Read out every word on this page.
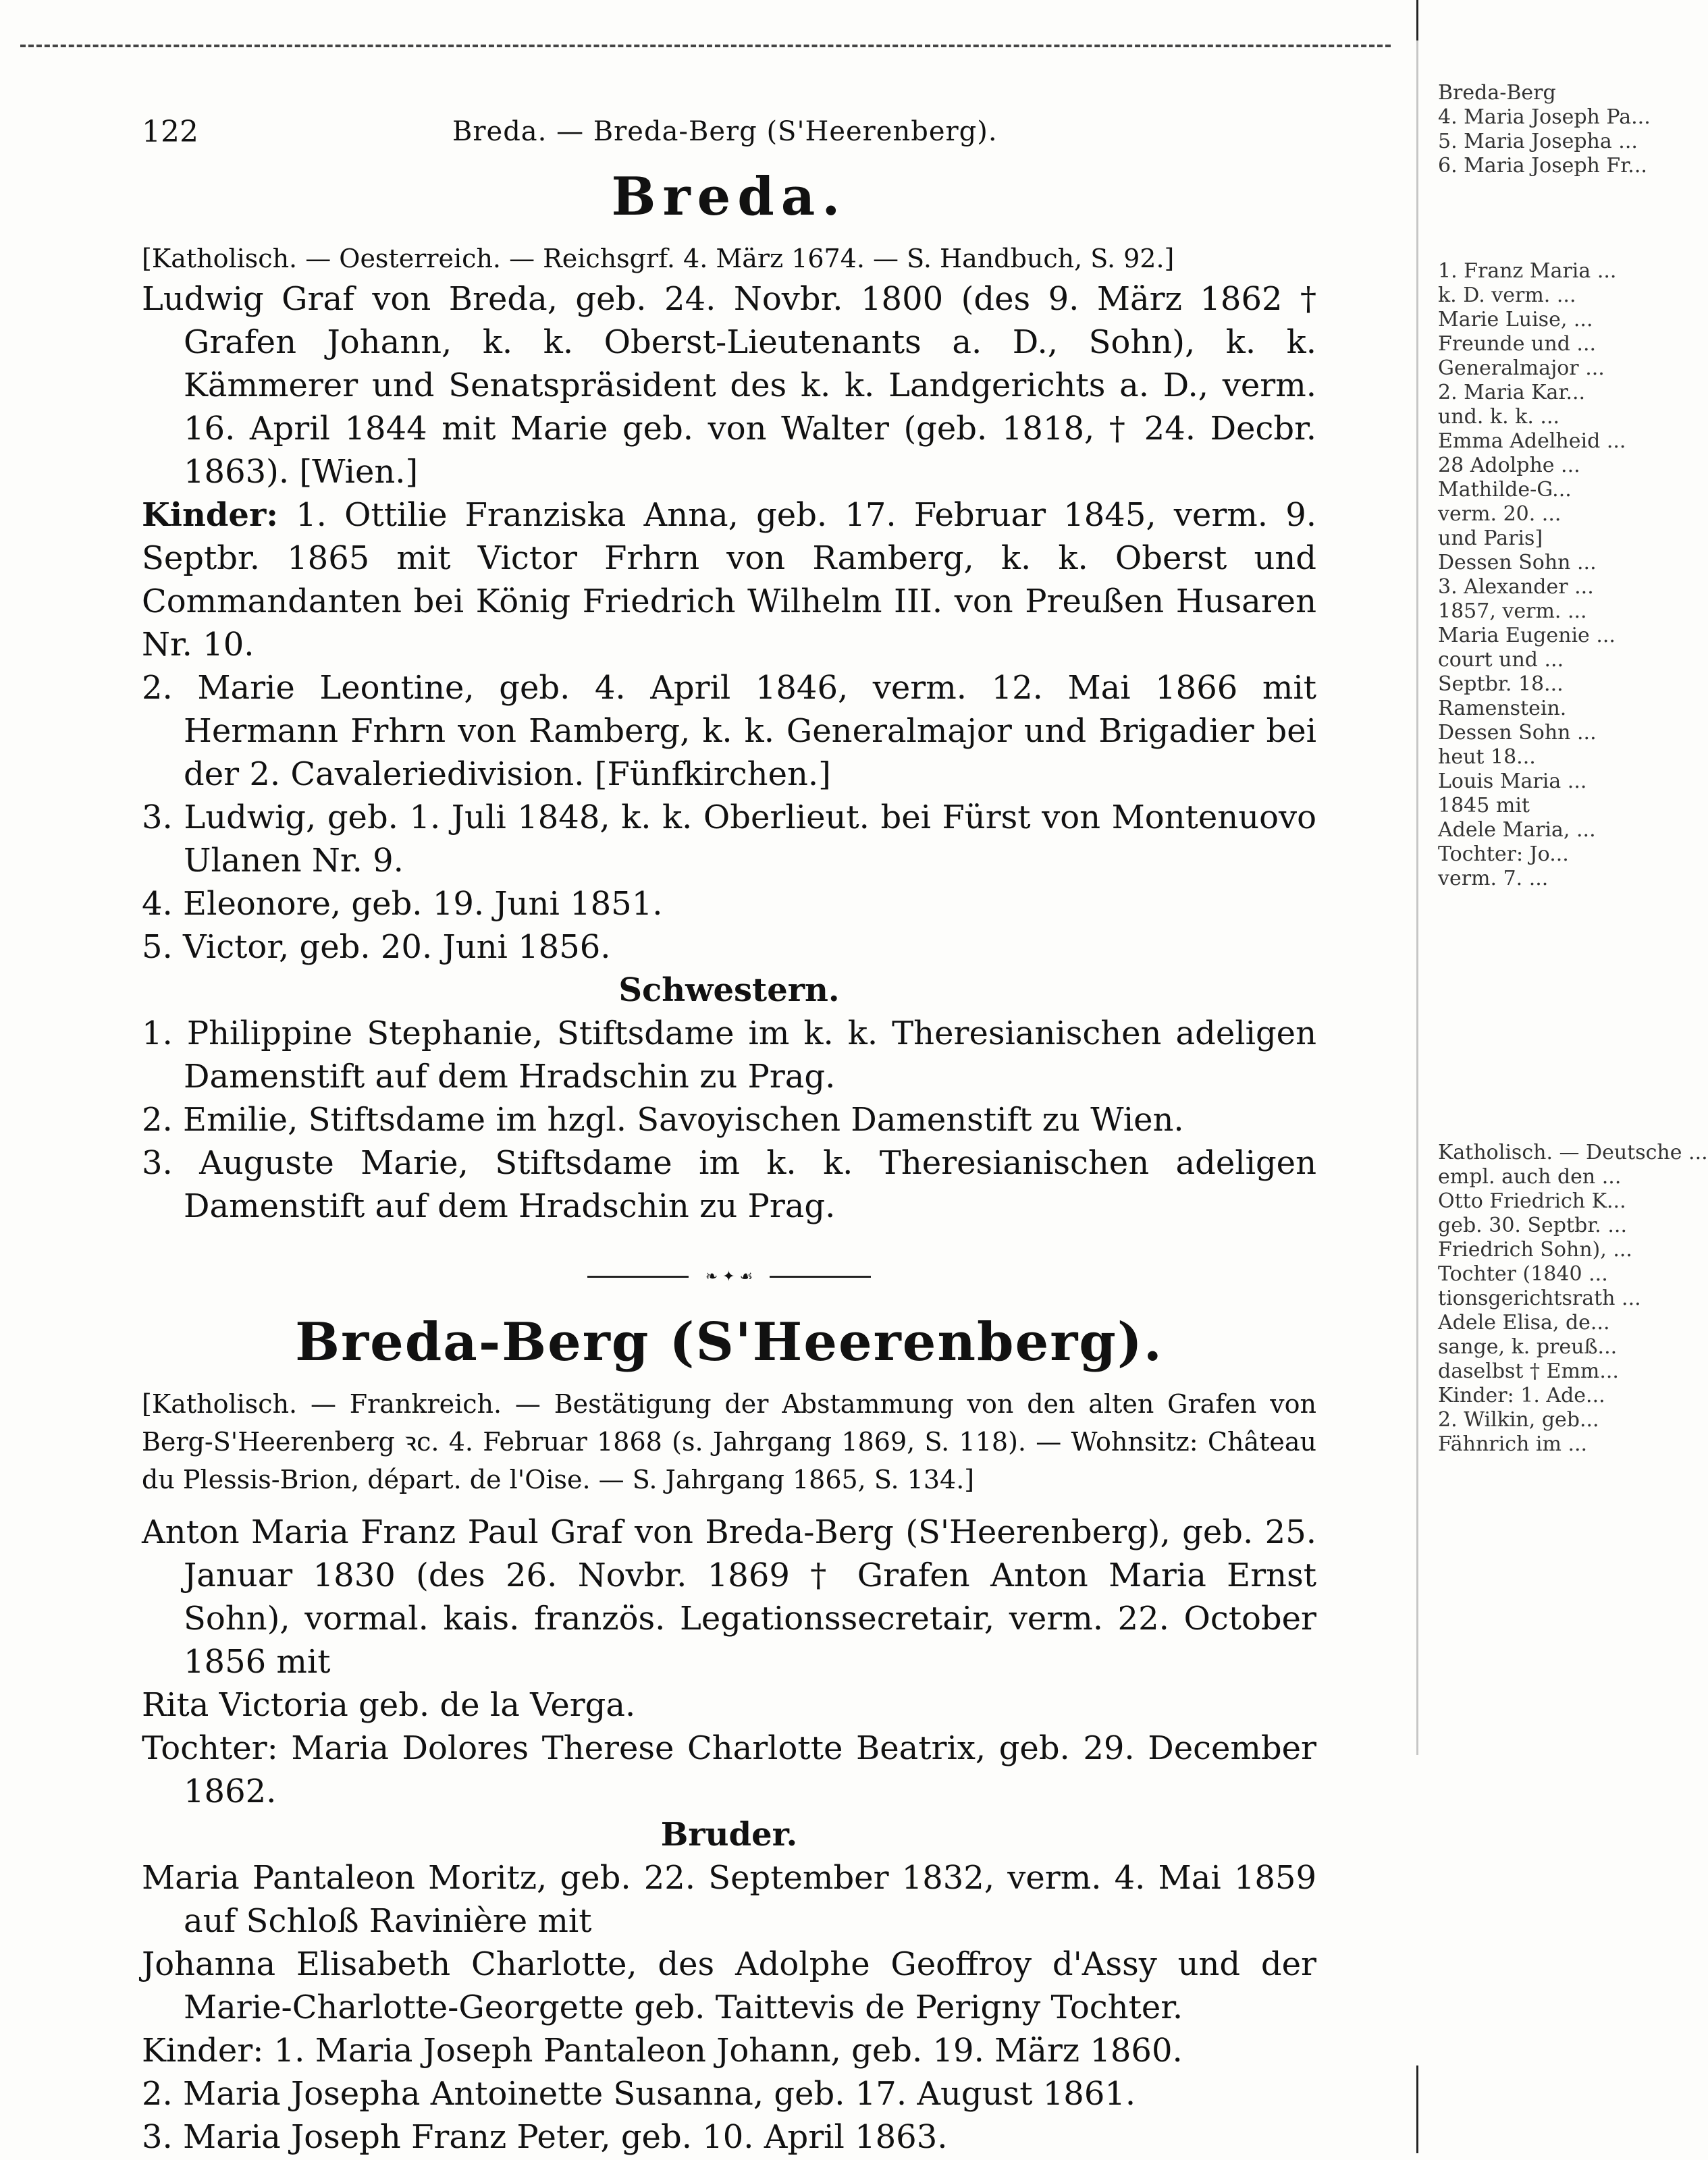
122	Breda. — Breda-Berg (S'Heerenberg).
Breda.
[Katholisch. — Oesterreich. — Reichsgrf. 4. März 1674. — S. Handbuch, S. 92.]

Ludwig Graf von Breda, geb. 24. Novbr. 1800 (des 9. März 1862 † Grafen Johann, k. k. Oberst-Lieutenants a. D., Sohn), k. k. Kämmerer und Senatspräsident des k. k. Landgerichts a. D., verm. 16. April 1844 mit Marie geb. von Walter (geb. 1818, † 24. Decbr. 1863). [Wien.]

Kinder: 1. Ottilie Franziska Anna, geb. 17. Februar 1845, verm. 9. Septbr. 1865 mit Victor Frhrn von Ramberg, k. k. Oberst und Commandanten bei König Friedrich Wilhelm III. von Preußen Husaren Nr. 10.

2. Marie Leontine, geb. 4. April 1846, verm. 12. Mai 1866 mit Hermann Frhrn von Ramberg, k. k. Generalmajor und Brigadier bei der 2. Cavaleriedivision. [Fünfkirchen.]

3. Ludwig, geb. 1. Juli 1848, k. k. Oberlieut. bei Fürst von Montenuovo Ulanen Nr. 9.

4. Eleonore, geb. 19. Juni 1851.

5. Victor, geb. 20. Juni 1856.

Schwestern.

1. Philippine Stephanie, Stiftsdame im k. k. Theresianischen adeligen Damenstift auf dem Hradschin zu Prag.

2. Emilie, Stiftsdame im hzgl. Savoyischen Damenstift zu Wien.

3. Auguste Marie, Stiftsdame im k. k. Theresianischen adeligen Damenstift auf dem Hradschin zu Prag.

❧ ✦ ☙
Breda-Berg (S'Heerenberg).
[Katholisch. — Frankreich. — Bestätigung der Abstammung von den alten Grafen von Berg-S'Heerenberg ꝛc. 4. Februar 1868 (s. Jahrgang 1869, S. 118). — Wohnsitz: Château du Plessis-Brion, départ. de l'Oise. — S. Jahrgang 1865, S. 134.]

Anton Maria Franz Paul Graf von Breda-Berg (S'Heerenberg), geb. 25. Januar 1830 (des 26. Novbr. 1869 † Grafen Anton Maria Ernst Sohn), vormal. kais. französ. Legationssecretair, verm. 22. October 1856 mit

Rita Victoria geb. de la Verga.

Tochter: Maria Dolores Therese Charlotte Beatrix, geb. 29. December 1862.

Bruder.

Maria Pantaleon Moritz, geb. 22. September 1832, verm. 4. Mai 1859 auf Schloß Ravinière mit

Johanna Elisabeth Charlotte, des Adolphe Geoffroy d'Assy und der Marie-Charlotte-Georgette geb. Taittevis de Perigny Tochter.

Kinder: 1. Maria Joseph Pantaleon Johann, geb. 19. März 1860.

2. Maria Josepha Antoinette Susanna, geb. 17. August 1861.

3. Maria Joseph Franz Peter, geb. 10. April 1863.

Breda-Berg
4. Maria Joseph Pa...
5. Maria Josepha ...
6. Maria Joseph Fr...
1. Franz Maria ...
k. D. verm. ...
Marie Luise, ...
Freunde und ...
Generalmajor ...
2. Maria Kar...
und. k. k. ...
Emma Adelheid ...
28 Adolphe ...
Mathilde-G...
verm. 20. ...
und Paris]
Dessen Sohn ...
3. Alexander ...
1857, verm. ...
Maria Eugenie ...
court und ...
Septbr. 18...
Ramenstein.
Dessen Sohn ...
heut 18...
Louis Maria ...
1845 mit
Adele Maria, ...
Tochter: Jo...
verm. 7. ...
Katholisch. — Deutsche ...
empl. auch den ...
Otto Friedrich K...
geb. 30. Septbr. ...
Friedrich Sohn), ...
Tochter (1840 ...
tionsgerichtsrath ...
Adele Elisa, de...
sange, k. preuß...
daselbst † Emm...
Kinder: 1. Ade...
2. Wilkin, geb...
Fähnrich im ...
